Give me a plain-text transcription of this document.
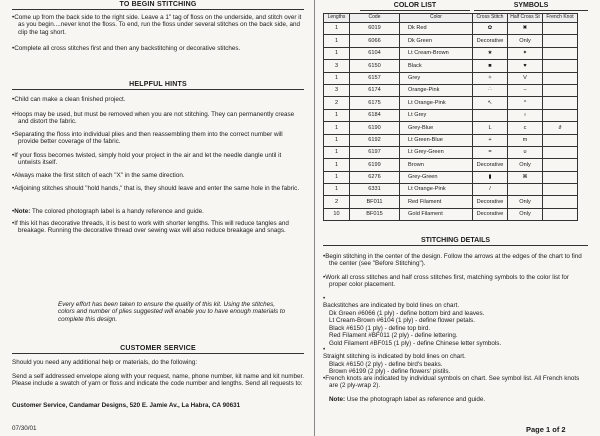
TO BEGIN STITCHING
• Come up from the back side to the right side. Leave a 1" tag of floss on the underside, and stitch over it as you begin....never knot the floss. To end, run the floss under several stitches on the back side, and clip the tag short.
• Complete all cross stitches first and then any backstitching or decorative stitches.
HELPFUL HINTS
• Child can make a clean finished project.
• Hoops may be used, but must be removed when you are not stitching. They can permanently crease and distort the fabric.
• Separating the floss into individual plies and then reassembling them into the correct number will provide better coverage of the fabric.
• If your floss becomes twisted, simply hold your project in the air and let the needle dangle until it untwists itself.
• Always make the first stitch of each "X" in the same direction.
• Adjoining stitches should "hold hands," that is, they should leave and enter the same hole in the fabric.
• Note: The colored photograph label is a handy reference and guide.
• If this kit has decorative threads, it is best to work with shorter lengths. This will reduce tangles and breakage. Running the decorative thread over sewing wax will also reduce breakage and snags.
Every effort has been taken to ensure the quality of this kit. Using the stitches, colors and number of plies suggested will enable you to have enough materials to complete this design.
CUSTOMER SERVICE
Should you need any additional help or materials, do the following:
Send a self addressed envelope along with your request, name, phone number, kit name and kit number. Please include a swatch of yarn or floss and indicate the code number and lengths. Send all requests to:
Customer Service, Candamar Designs, 520 E. Jamie Av., La Habra, CA 90631
07/30/01
COLOR LIST	SYMBOLS
Lengths	Code	Color	Cross Stitch	Half Cross St	French Knot
1	6019	Dk Red	✿	✖	
1	6066	Dk Green	Decorative	Only	
1	6104	Lt Cream-Brown	★	✦	
3	6150	Black	■	♥	
1	6157	Grey	✧	V	
3	6174	Orange-Pink	∴	–	
2	6175	Lt Orange-Pink	↖	^	
1	6184	Lt Grey		♁	
1	6190	Grey-Blue	L	c	∂
1	6192	Lt Green-Blue	+	m	
1	6197	Lt Grey-Green	=	υ	
1	6199	Brown	Decorative	Only	
1	6276	Grey-Green	▮	⌘	
1	6331	Lt Orange-Pink	/		
2	BF011	Red Filament	Decorative	Only	
10	BF015	Gold Filament	Decorative	Only	
STITCHING DETAILS
• Begin stitching in the center of the design. Follow the arrows at the edges of the chart to find the center (see "Before Stitching").
• Work all cross stitches and half cross stitches first, matching symbols to the color list for proper color placement.
• Backstitches are indicated by bold lines on chart.
Dk Green #6066 (1 ply) - define bottom bird and leaves.
Lt Cream-Brown #6104 (1 ply) - define flower petals.
Black #6150 (1 ply) - define top bird.
Red Filament #BF011 (2 ply) - define lettering.
Gold Filament #BF015 (1 ply) - define Chinese letter symbols.
• Straight stitching is indicated by bold lines on chart.
Black #6150 (2 ply) - define bird's beaks.
Brown #6199 (2 ply) - define flowers' pistils.
• French knots are indicated by individual symbols on chart. See symbol list. All French knots are (2 ply-wrap 2).
Note: Use the photograph label as reference and guide.
Page 1 of 2
